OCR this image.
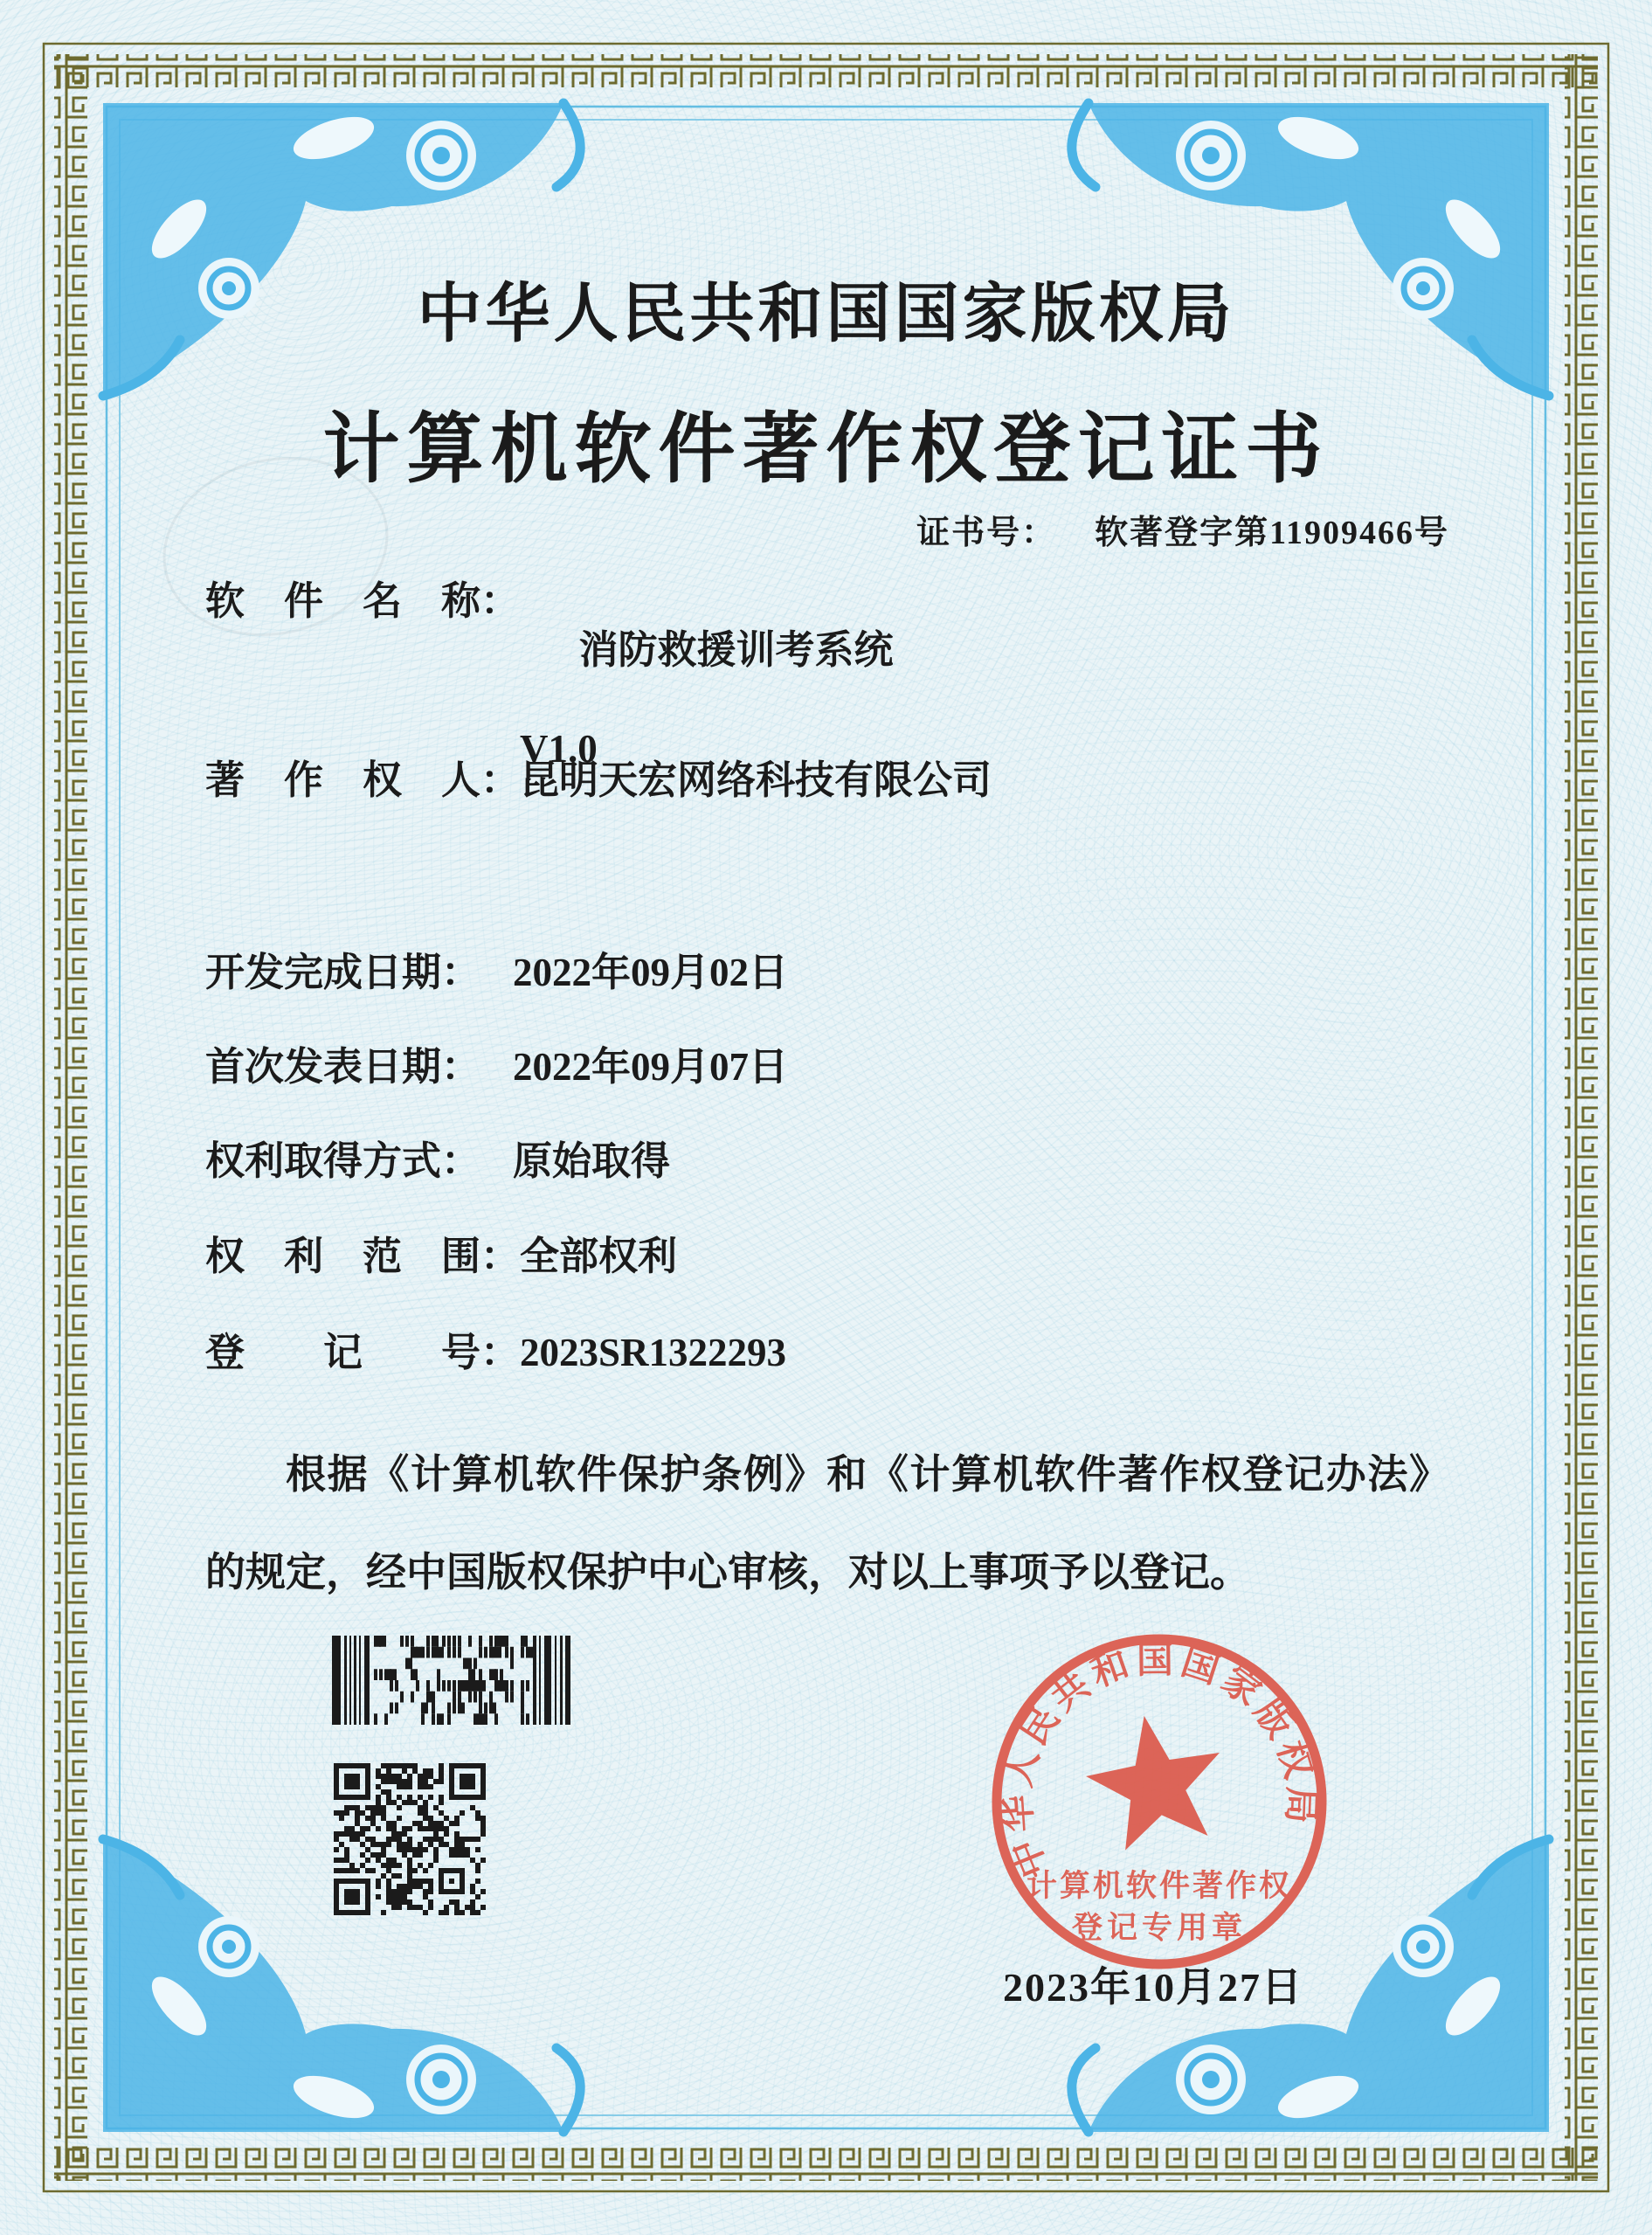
中华人民共和国国家版权局
计算机软件著作权登记证书
证书号： 软著登字第11909466号
软　件　名　称：

消防救援训考系统

V1.0

著　作　权　人： 昆明天宏网络科技有限公司
开发完成日期： 2022年09月02日
首次发表日期： 2022年09月07日
权利取得方式： 原始取得
权　利　范　围： 全部权利
登　　记　　号： 2023SR1322293
根据《计算机软件保护条例》和《计算机软件著作权登记办法》的规定，经中国版权保护中心审核，对以上事项予以登记。
中华人民共和国国家版权局
计算机软件著作权
登记专用章
2023年10月27日
